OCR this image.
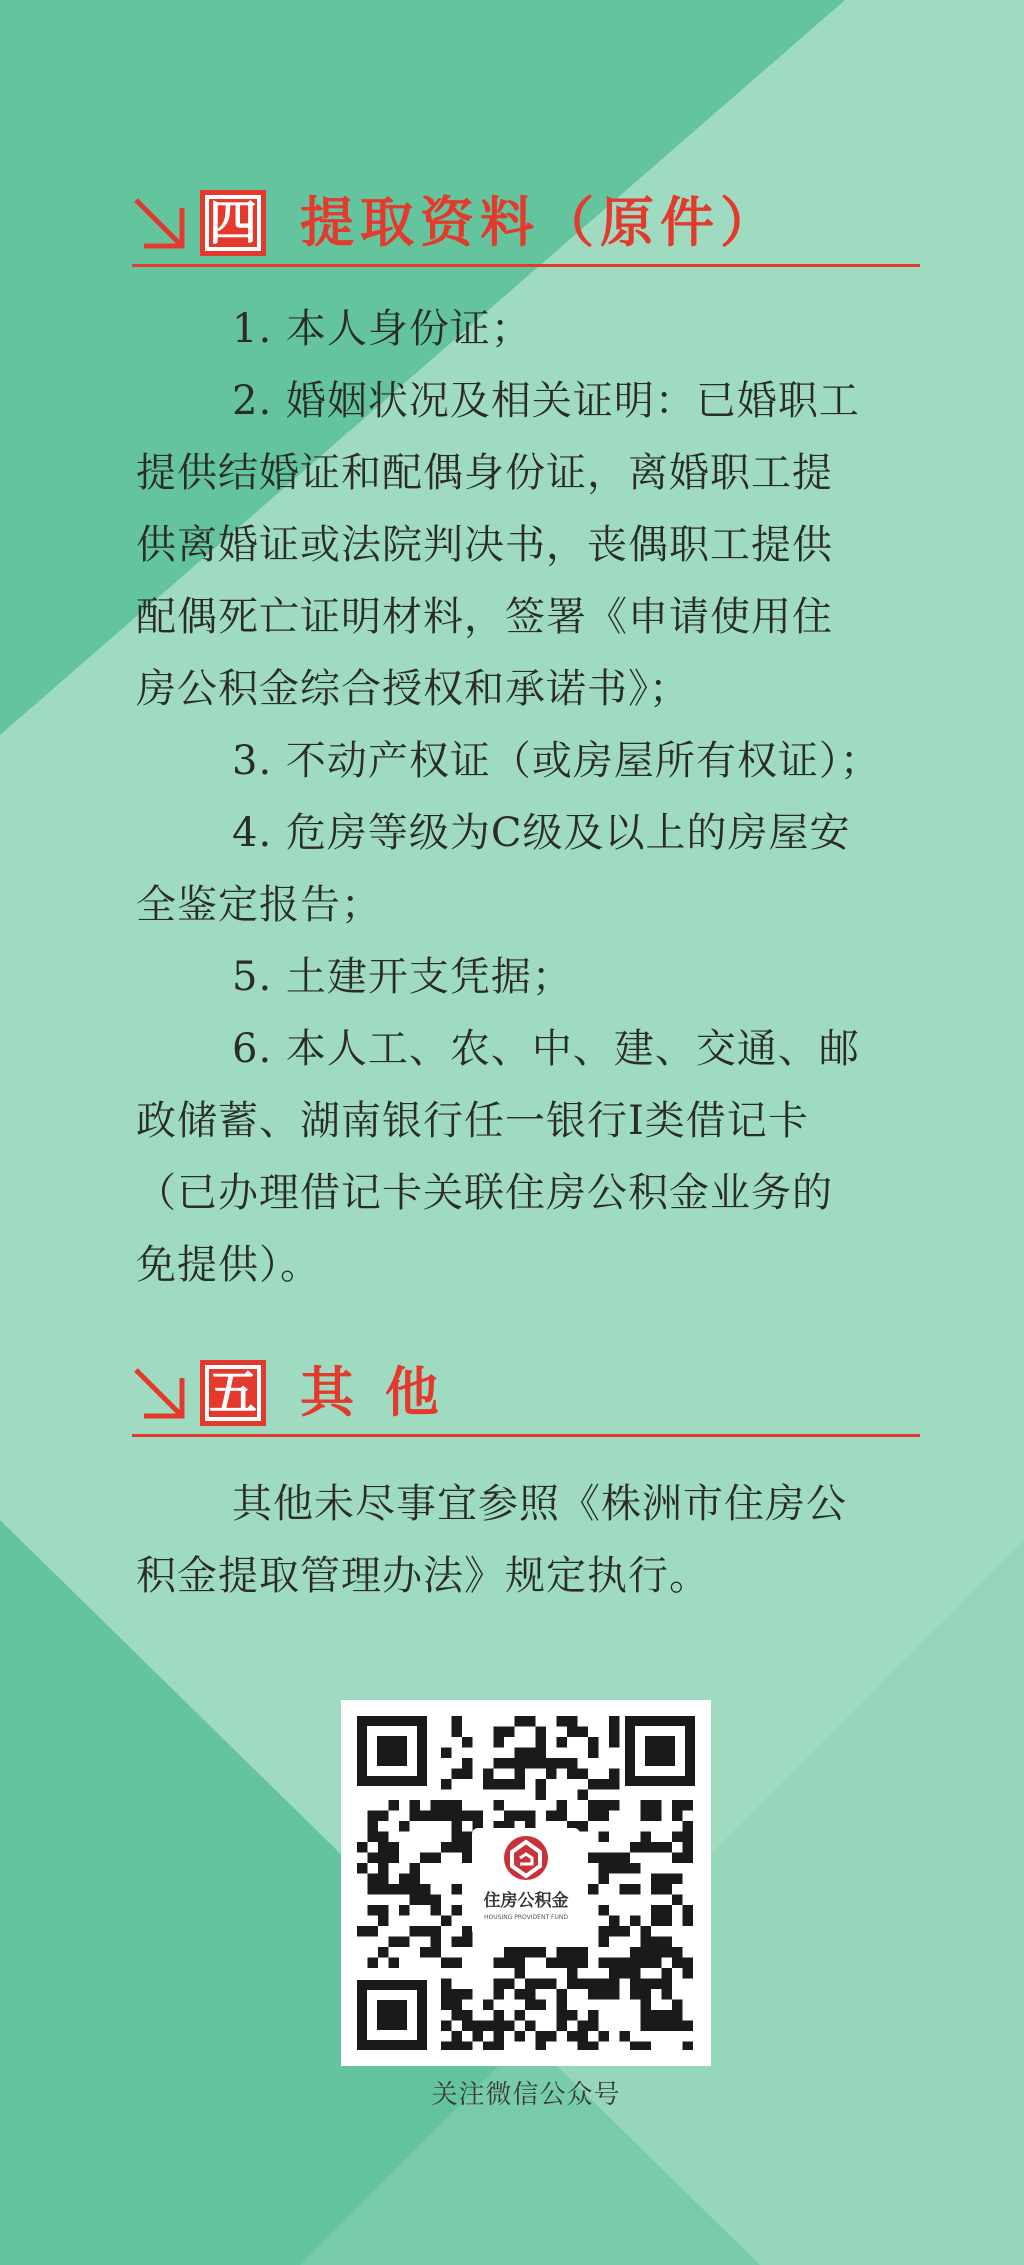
四 提取资料（原件）
1. 本人身份证；
2. 婚姻状况及相关证明：已婚职工
提供结婚证和配偶身份证，离婚职工提
供离婚证或法院判决书，丧偶职工提供
配偶死亡证明材料，签署《申请使用住
房公积金综合授权和承诺书》；
3. 不动产权证（或房屋所有权证）；
4. 危房等级为C级及以上的房屋安
全鉴定报告；
5. 土建开支凭据；
6. 本人工、农、中、建、交通、邮
政储蓄、湖南银行任一银行Ⅰ类借记卡
（已办理借记卡关联住房公积金业务的
免提供）。
五 其 他
其他未尽事宜参照《株洲市住房公
积金提取管理办法》规定执行。
住房公积金
HOUSING PROVIDENT FUND
关注微信公众号
